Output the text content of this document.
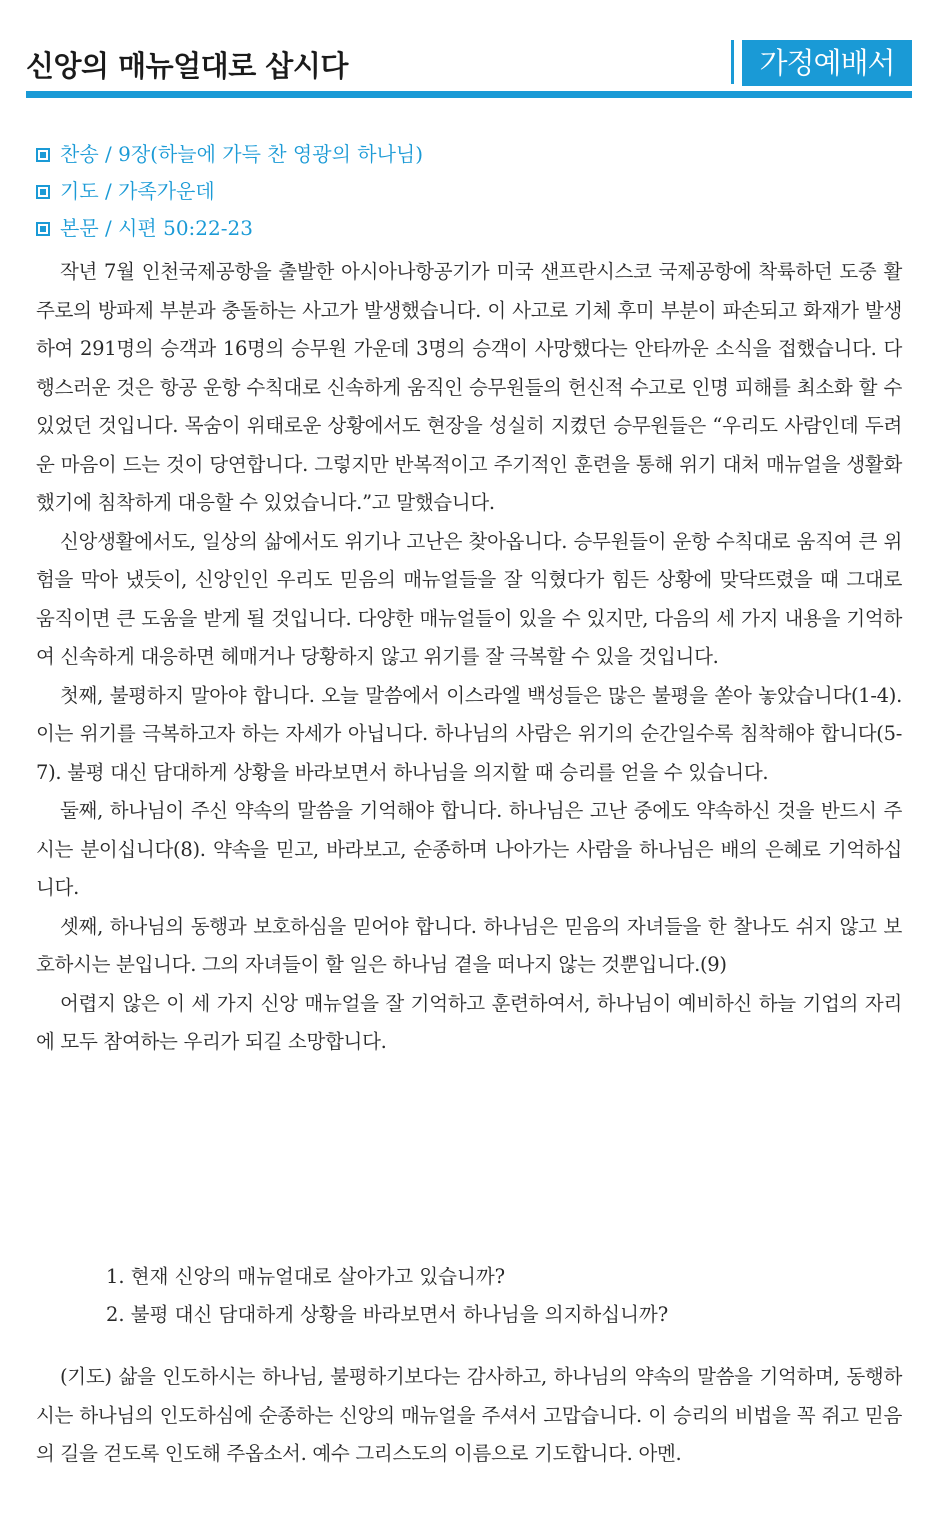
신앙의 매뉴얼대로 삽시다	가정예배서
찬송 / 9장(하늘에 가득 찬 영광의 하나님)
기도 / 가족가운데
본문 / 시편 50:22-23

작년 7월 인천국제공항을 출발한 아시아나항공기가 미국 샌프란시스코 국제공항에 착륙하던 도중 활주로의 방파제 부분과 충돌하는 사고가 발생했습니다. 이 사고로 기체 후미 부분이 파손되고 화재가 발생하여 291명의 승객과 16명의 승무원 가운데 3명의 승객이 사망했다는 안타까운 소식을 접했습니다. 다행스러운 것은 항공 운항 수칙대로 신속하게 움직인 승무원들의 헌신적 수고로 인명 피해를 최소화 할 수 있었던 것입니다. 목숨이 위태로운 상황에서도 현장을 성실히 지켰던 승무원들은 “우리도 사람인데 두려운 마음이 드는 것이 당연합니다. 그렇지만 반복적이고 주기적인 훈련을 통해 위기 대처 매뉴얼을 생활화했기에 침착하게 대응할 수 있었습니다.”고 말했습니다.

신앙생활에서도, 일상의 삶에서도 위기나 고난은 찾아옵니다. 승무원들이 운항 수칙대로 움직여 큰 위험을 막아 냈듯이, 신앙인인 우리도 믿음의 매뉴얼들을 잘 익혔다가 힘든 상황에 맞닥뜨렸을 때 그대로 움직이면 큰 도움을 받게 될 것입니다. 다양한 매뉴얼들이 있을 수 있지만, 다음의 세 가지 내용을 기억하여 신속하게 대응하면 헤매거나 당황하지 않고 위기를 잘 극복할 수 있을 것입니다.

첫째, 불평하지 말아야 합니다. 오늘 말씀에서 이스라엘 백성들은 많은 불평을 쏟아 놓았습니다(1-4). 이는 위기를 극복하고자 하는 자세가 아닙니다. 하나님의 사람은 위기의 순간일수록 침착해야 합니다(5-7). 불평 대신 담대하게 상황을 바라보면서 하나님을 의지할 때 승리를 얻을 수 있습니다.

둘째, 하나님이 주신 약속의 말씀을 기억해야 합니다. 하나님은 고난 중에도 약속하신 것을 반드시 주시는 분이십니다(8). 약속을 믿고, 바라보고, 순종하며 나아가는 사람을 하나님은 배의 은혜로 기억하십니다.

셋째, 하나님의 동행과 보호하심을 믿어야 합니다. 하나님은 믿음의 자녀들을 한 찰나도 쉬지 않고 보호하시는 분입니다. 그의 자녀들이 할 일은 하나님 곁을 떠나지 않는 것뿐입니다.(9)

어렵지 않은 이 세 가지 신앙 매뉴얼을 잘 기억하고 훈련하여서, 하나님이 예비하신 하늘 기업의 자리에 모두 참여하는 우리가 되길 소망합니다.

1. 현재 신앙의 매뉴얼대로 살아가고 있습니까?
2. 불평 대신 담대하게 상황을 바라보면서 하나님을 의지하십니까?

(기도) 삶을 인도하시는 하나님, 불평하기보다는 감사하고, 하나님의 약속의 말씀을 기억하며, 동행하시는 하나님의 인도하심에 순종하는 신앙의 매뉴얼을 주셔서 고맙습니다. 이 승리의 비법을 꼭 쥐고 믿음의 길을 걷도록 인도해 주옵소서. 예수 그리스도의 이름으로 기도합니다. 아멘.
